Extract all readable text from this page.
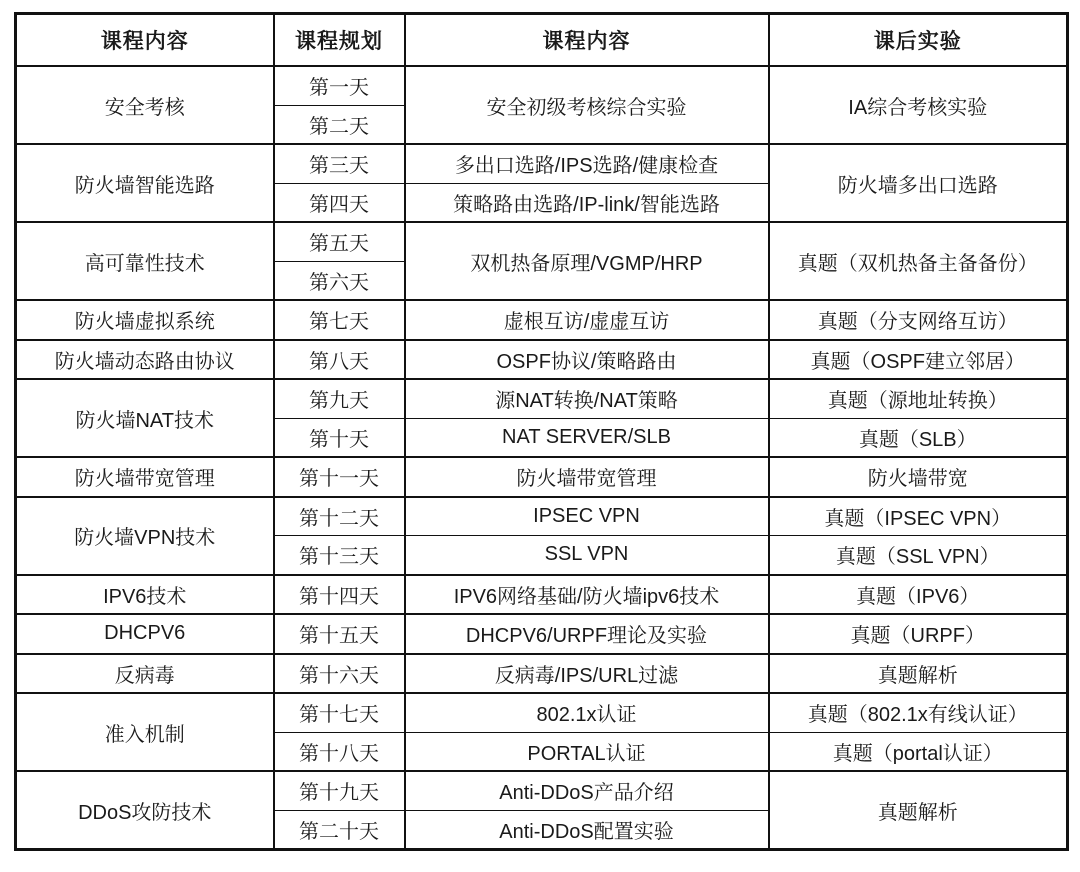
课程内容	课程规划	课程内容	课后实验
安全考核	第一天	安全初级考核综合实验	IA综合考核实验
	第二天		
防火墙智能选路	第三天	多出口选路/IPS选路/健康检查	防火墙多出口选路
	第四天	策略路由选路/IP-link/智能选路	
高可靠性技术	第五天	双机热备原理/VGMP/HRP	真题（双机热备主备备份）
	第六天		
防火墙虚拟系统	第七天	虚根互访/虚虚互访	真题（分支网络互访）
防火墙动态路由协议	第八天	OSPF协议/策略路由	真题（OSPF建立邻居）
防火墙NAT技术	第九天	源NAT转换/NAT策略	真题（源地址转换）
	第十天	NAT SERVER/SLB	真题（SLB）
防火墙带宽管理	第十一天	防火墙带宽管理	防火墙带宽
防火墙VPN技术	第十二天	IPSEC VPN	真题（IPSEC VPN）
	第十三天	SSL VPN	真题（SSL VPN）
IPV6技术	第十四天	IPV6网络基础/防火墙ipv6技术	真题（IPV6）
DHCPV6	第十五天	DHCPV6/URPF理论及实验	真题（URPF）
反病毒	第十六天	反病毒/IPS/URL过滤	真题解析
准入机制	第十七天	802.1x认证	真题（802.1x有线认证）
	第十八天	PORTAL认证	真题（portal认证）
DDoS攻防技术	第十九天	Anti-DDoS产品介绍	真题解析
	第二十天	Anti-DDoS配置实验	
